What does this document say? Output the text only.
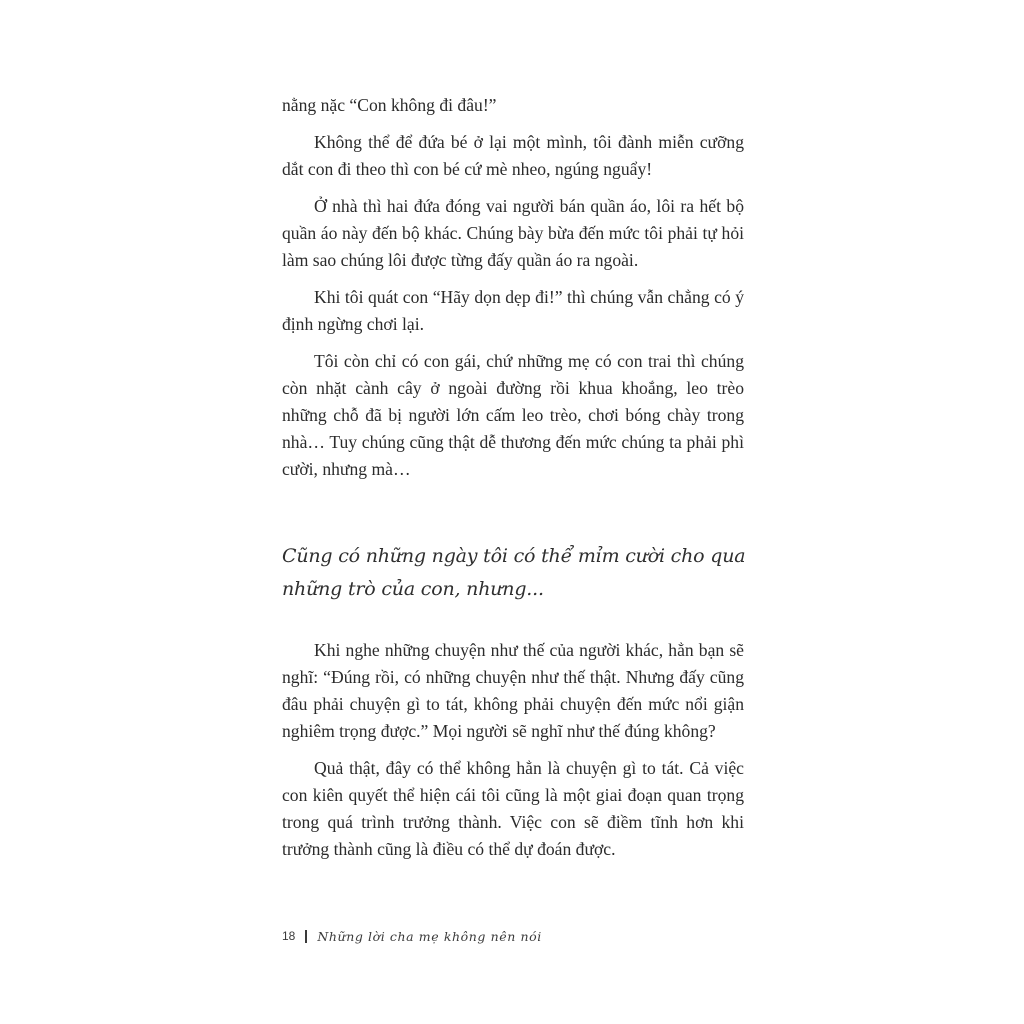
nằng nặc “Con không đi đâu!”

Không thể để đứa bé ở lại một mình, tôi đành miễn cưỡng dắt con đi theo thì con bé cứ mè nheo, ngúng nguẩy!

Ở nhà thì hai đứa đóng vai người bán quần áo, lôi ra hết bộ quần áo này đến bộ khác. Chúng bày bừa đến mức tôi phải tự hỏi làm sao chúng lôi được từng đấy quần áo ra ngoài.

Khi tôi quát con “Hãy dọn dẹp đi!” thì chúng vẫn chẳng có ý định ngừng chơi lại.

Tôi còn chỉ có con gái, chứ những mẹ có con trai thì chúng còn nhặt cành cây ở ngoài đường rồi khua khoắng, leo trèo những chỗ đã bị người lớn cấm leo trèo, chơi bóng chày trong nhà… Tuy chúng cũng thật dễ thương đến mức chúng ta phải phì cười, nhưng mà…

Cũng có những ngày tôi có thể mỉm cười cho qua
những trò của con, nhưng...

Khi nghe những chuyện như thế của người khác, hẳn bạn sẽ nghĩ: “Đúng rồi, có những chuyện như thế thật. Nhưng đấy cũng đâu phải chuyện gì to tát, không phải chuyện đến mức nổi giận nghiêm trọng được.” Mọi người sẽ nghĩ như thế đúng không?

Quả thật, đây có thể không hẳn là chuyện gì to tát. Cả việc con kiên quyết thể hiện cái tôi cũng là một giai đoạn quan trọng trong quá trình trưởng thành. Việc con sẽ điềm tĩnh hơn khi trưởng thành cũng là điều có thể dự đoán được.

18 Những lời cha mẹ không nên nói
